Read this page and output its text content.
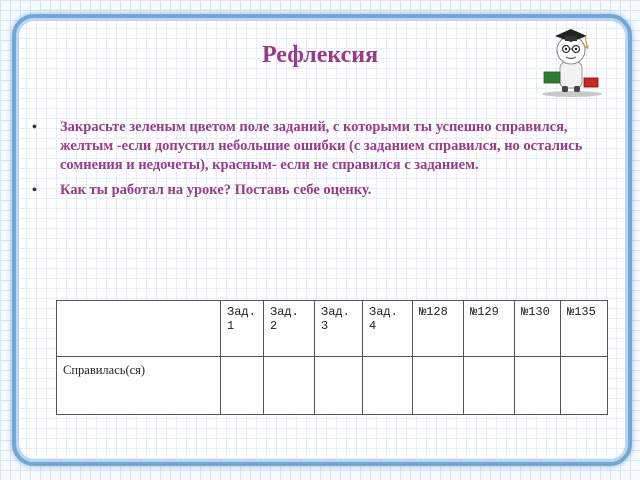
Рефлексия
• Закрасьте зеленым цветом поле заданий, с которыми ты успешно справился, желтым -если допустил небольшие ошибки (с заданием справился, но остались сомнения и недочеты), красным- если не справился с заданием.
• Как ты работал на уроке? Поставь себе оценку.
	Зад.1	Зад. 2	Зад. 3	Зад. 4	№128	№129	№130	№135
Справилась(ся)								
